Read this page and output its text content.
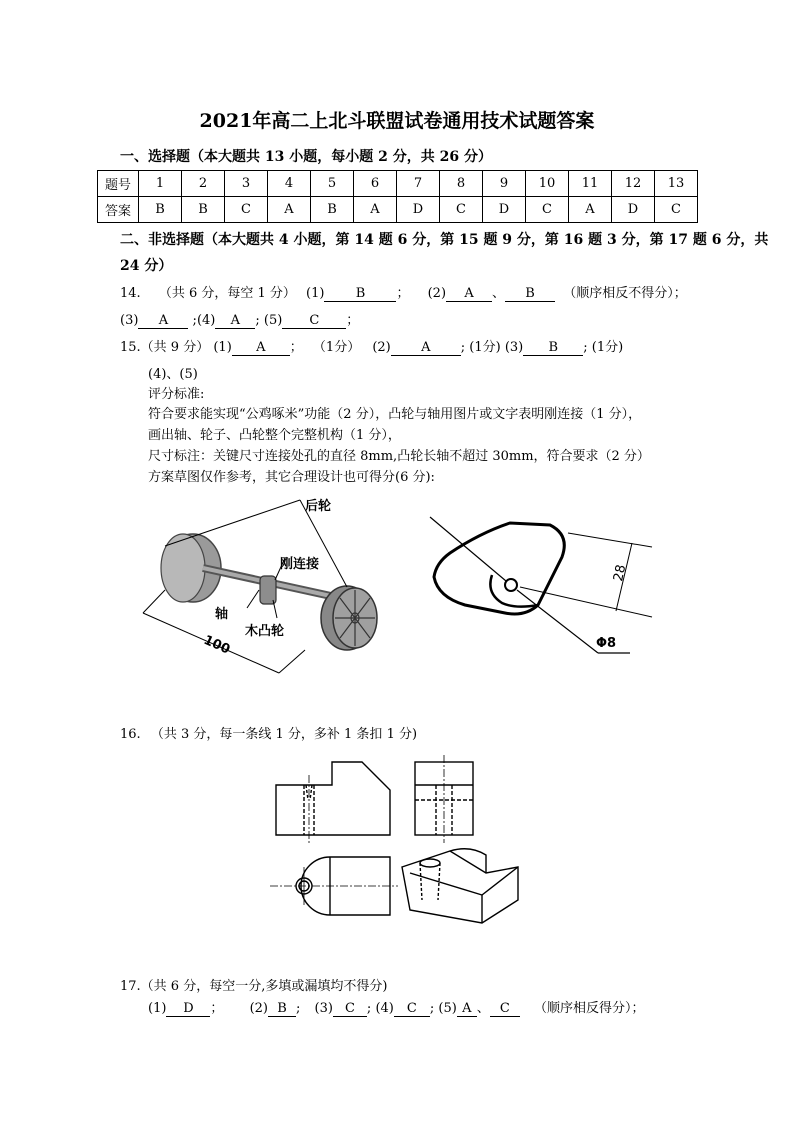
2021年高二上北斗联盟试卷通用技术试题答案
一、选择题（本大题共 13 小题，每小题 2 分，共 26 分）
题号	1	2	3	4	5	6	7	8	9	10	11	12	13
答案	B	B	C	A	B	A	D	C	D	C	A	D	C
二、非选择题（本大题共 4 小题，第 14 题 6 分，第 15 题 9 分，第 16 题 3 分，第 17 题 6 分，共
24 分）
14. （共 6 分，每空 1 分） (1) B ； (2) A 、 B （顺序相反不得分）；
(3) A ;(4) A ; (5) C ；
15.（共 9 分） (1) A ； （1分） (2) A ; (1分) (3) B ; (1分)
(4)、(5)
评分标准:
符合要求能实现“公鸡啄米”功能（2 分），凸轮与轴用图片或文字表明刚连接（1 分），
画出轴、轮子、凸轮整个完整机构（1 分），
尺寸标注：关键尺寸连接处孔的直径 8mm,凸轮长轴不超过 30mm，符合要求（2 分）
方案草图仅作参考，其它合理设计也可得分(6 分):
后轮
刚连接
轴
木凸轮
100
28
Φ8
16. （共 3 分，每一条线 1 分，多补 1 条扣 1 分)
17.（共 6 分，每空一分,多填或漏填均不得分)
(1) D ； (2) B ; (3) C ; (4) C ; (5) A 、 C （顺序相反得分）；
